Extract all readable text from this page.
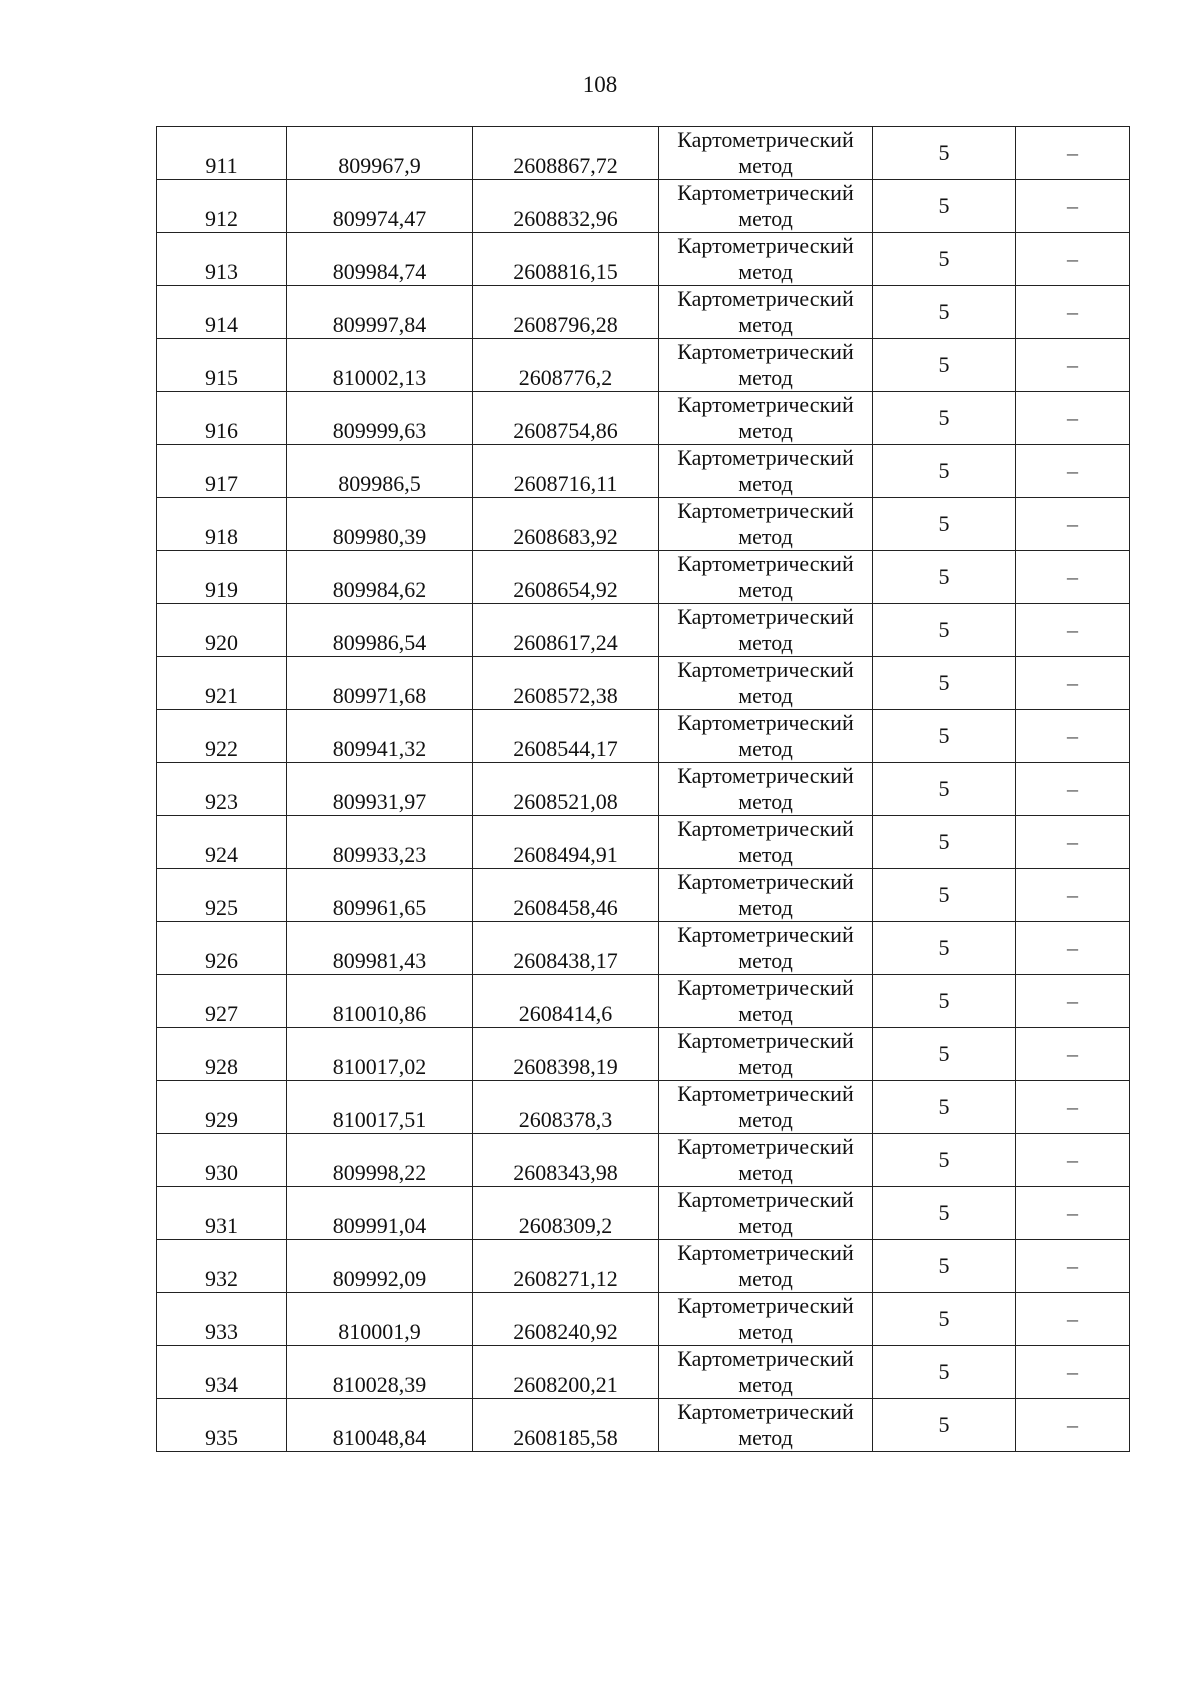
108
911	809967,9	2608867,72	Картометрический метод	5	–

912	809974,47	2608832,96	Картометрический метод	5	–

913	809984,74	2608816,15	Картометрический метод	5	–

914	809997,84	2608796,28	Картометрический метод	5	–

915	810002,13	2608776,2	Картометрический метод	5	–

916	809999,63	2608754,86	Картометрический метод	5	–

917	809986,5	2608716,11	Картометрический метод	5	–

918	809980,39	2608683,92	Картометрический метод	5	–

919	809984,62	2608654,92	Картометрический метод	5	–

920	809986,54	2608617,24	Картометрический метод	5	–

921	809971,68	2608572,38	Картометрический метод	5	–

922	809941,32	2608544,17	Картометрический метод	5	–

923	809931,97	2608521,08	Картометрический метод	5	–

924	809933,23	2608494,91	Картометрический метод	5	–

925	809961,65	2608458,46	Картометрический метод	5	–

926	809981,43	2608438,17	Картометрический метод	5	–

927	810010,86	2608414,6	Картометрический метод	5	–

928	810017,02	2608398,19	Картометрический метод	5	–

929	810017,51	2608378,3	Картометрический метод	5	–

930	809998,22	2608343,98	Картометрический метод	5	–

931	809991,04	2608309,2	Картометрический метод	5	–

932	809992,09	2608271,12	Картометрический метод	5	–

933	810001,9	2608240,92	Картометрический метод	5	–

934	810028,39	2608200,21	Картометрический метод	5	–

935	810048,84	2608185,58	Картометрический метод	5	–
